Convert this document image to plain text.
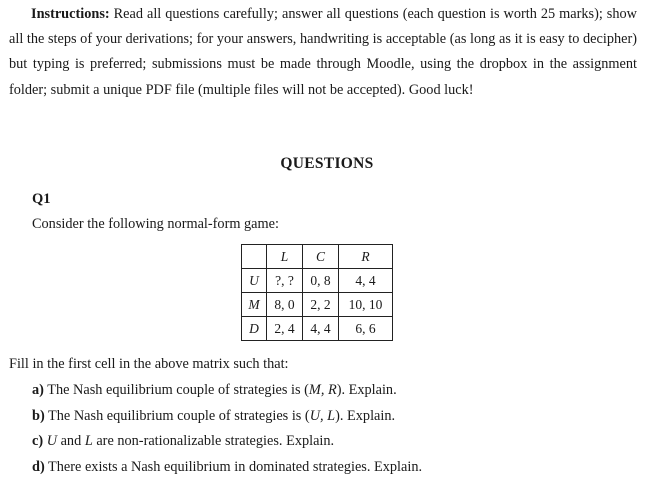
Instructions: Read all questions carefully; answer all questions (each question is worth 25 marks); show all the steps of your derivations; for your answers, handwriting is acceptable (as long as it is easy to decipher) but typing is preferred; submissions must be made through Moodle, using the dropbox in the assignment folder; submit a unique PDF file (multiple files will not be accepted). Good luck!
QUESTIONS
Q1
Consider the following normal-form game:
	L	C	R
U	?, ?	0, 8	4, 4
M	8, 0	2, 2	10, 10
D	2, 4	4, 4	6, 6
Fill in the first cell in the above matrix such that:
a) The Nash equilibrium couple of strategies is (M, R). Explain.
b) The Nash equilibrium couple of strategies is (U, L). Explain.
c) U and L are non-rationalizable strategies. Explain.
d) There exists a Nash equilibrium in dominated strategies. Explain.
